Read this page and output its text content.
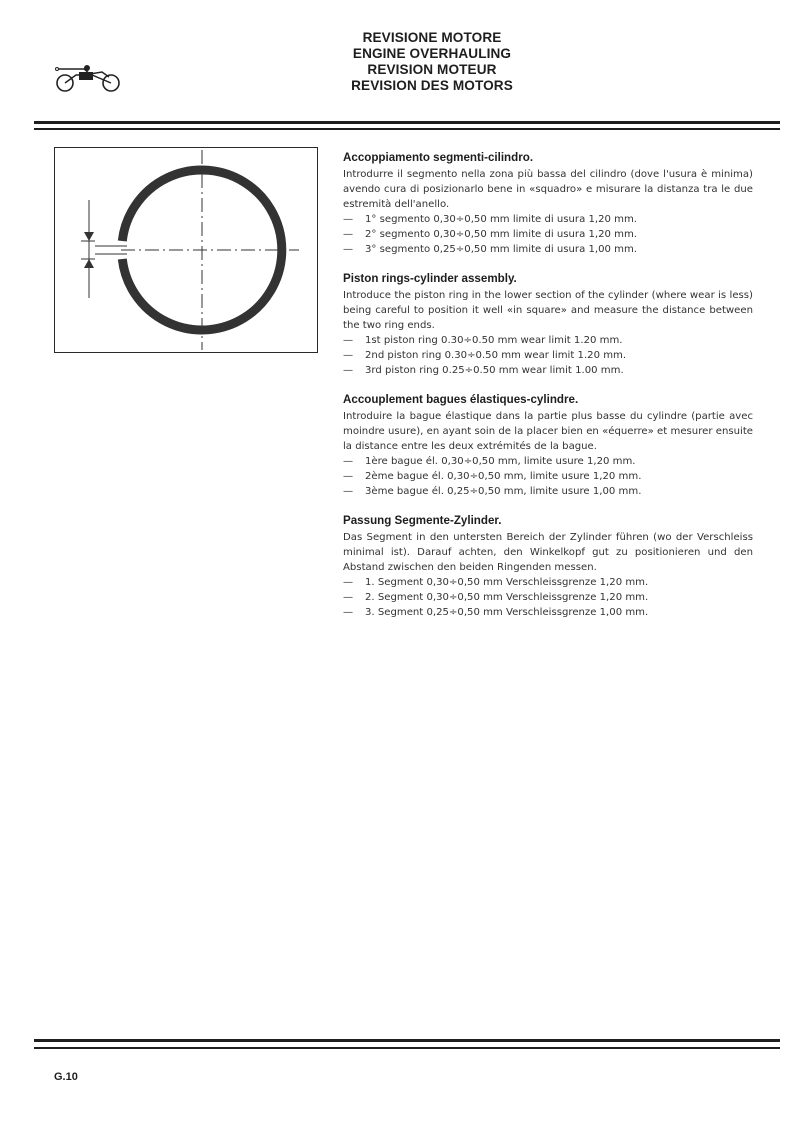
REVISIONE MOTORE
ENGINE OVERHAULING
REVISION MOTEUR
REVISION DES MOTORS
Accoppiamento segmenti-cilindro.

Introdurre il segmento nella zona più bassa del cilindro (dove l'usura è minima) avendo cura di posizionarlo bene in «squadro» e misurare la distanza tra le due estremità dell'anello.

— 1° segmento 0,30÷0,50 mm limite di usura 1,20 mm.
— 2° segmento 0,30÷0,50 mm limite di usura 1,20 mm.
— 3° segmento 0,25÷0,50 mm limite di usura 1,00 mm.
Piston rings-cylinder assembly.

Introduce the piston ring in the lower section of the cylinder (where wear is less) being careful to position it well «in square» and measure the distance between the two ring ends.

— 1st piston ring 0.30÷0.50 mm wear limit 1.20 mm.
— 2nd piston ring 0.30÷0.50 mm wear limit 1.20 mm.
— 3rd piston ring 0.25÷0.50 mm wear limit 1.00 mm.
Accouplement bagues élastiques-cylindre.

Introduire la bague élastique dans la partie plus basse du cylindre (partie avec moindre usure), en ayant soin de la placer bien en «équerre» et mesurer ensuite la distance entre les deux extrémités de la bague.

— 1ère bague él. 0,30÷0,50 mm, limite usure 1,20 mm.
— 2ème bague él. 0,30÷0,50 mm, limite usure 1,20 mm.
— 3ème bague él. 0,25÷0,50 mm, limite usure 1,00 mm.
Passung Segmente-Zylinder.

Das Segment in den untersten Bereich der Zylinder führen (wo der Verschleiss minimal ist). Darauf achten, den Winkelkopf gut zu positionieren und den Abstand zwischen den beiden Ringenden messen.

— 1. Segment 0,30÷0,50 mm Verschleissgrenze 1,20 mm.
— 2. Segment 0,30÷0,50 mm Verschleissgrenze 1,20 mm.
— 3. Segment 0,25÷0,50 mm Verschleissgrenze 1,00 mm.
G.10
